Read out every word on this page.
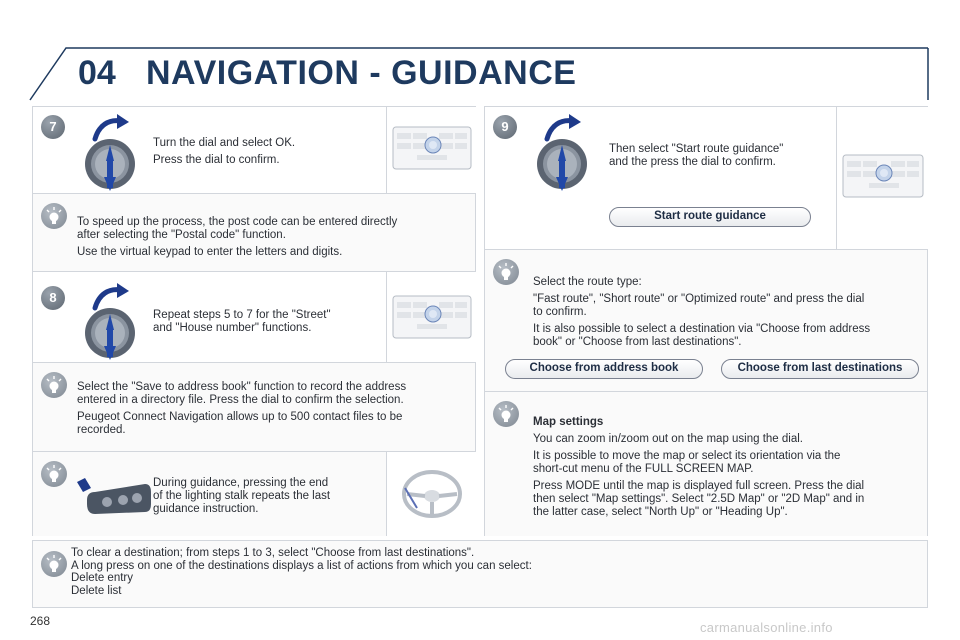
04 NAVIGATION - GUIDANCE
7

Turn the dial and select OK.

Press the dial to confirm.

To speed up the process, the post code can be entered directly
after selecting the "Postal code" function.

Use the virtual keypad to enter the letters and digits.

8

Repeat steps 5 to 7 for the "Street"
and "House number" functions.

Select the "Save to address book" function to record the address
entered in a directory file. Press the dial to confirm the selection.

Peugeot Connect Navigation allows up to 500 contact files to be
recorded.

During guidance, pressing the end
of the lighting stalk repeats the last
guidance instruction.

9

Then select "Start route guidance"
and the press the dial to confirm.

Start route guidance

Select the route type:

"Fast route", "Short route" or "Optimized route" and press the dial
to confirm.

It is also possible to select a destination via "Choose from address
book" or "Choose from last destinations".

Choose from address book	Choose from last destinations

Map settings

You can zoom in/zoom out on the map using the dial.

It is possible to move the map or select its orientation via the
short-cut menu of the FULL SCREEN MAP.

Press MODE until the map is displayed full screen. Press the dial
then select "Map settings". Select "2.5D Map" or "2D Map" and in
the latter case, select "North Up" or "Heading Up".

To clear a destination; from steps 1 to 3, select "Choose from last destinations".
A long press on one of the destinations displays a list of actions from which you can select:
Delete entry
Delete list
268	carmanualsonline.info
